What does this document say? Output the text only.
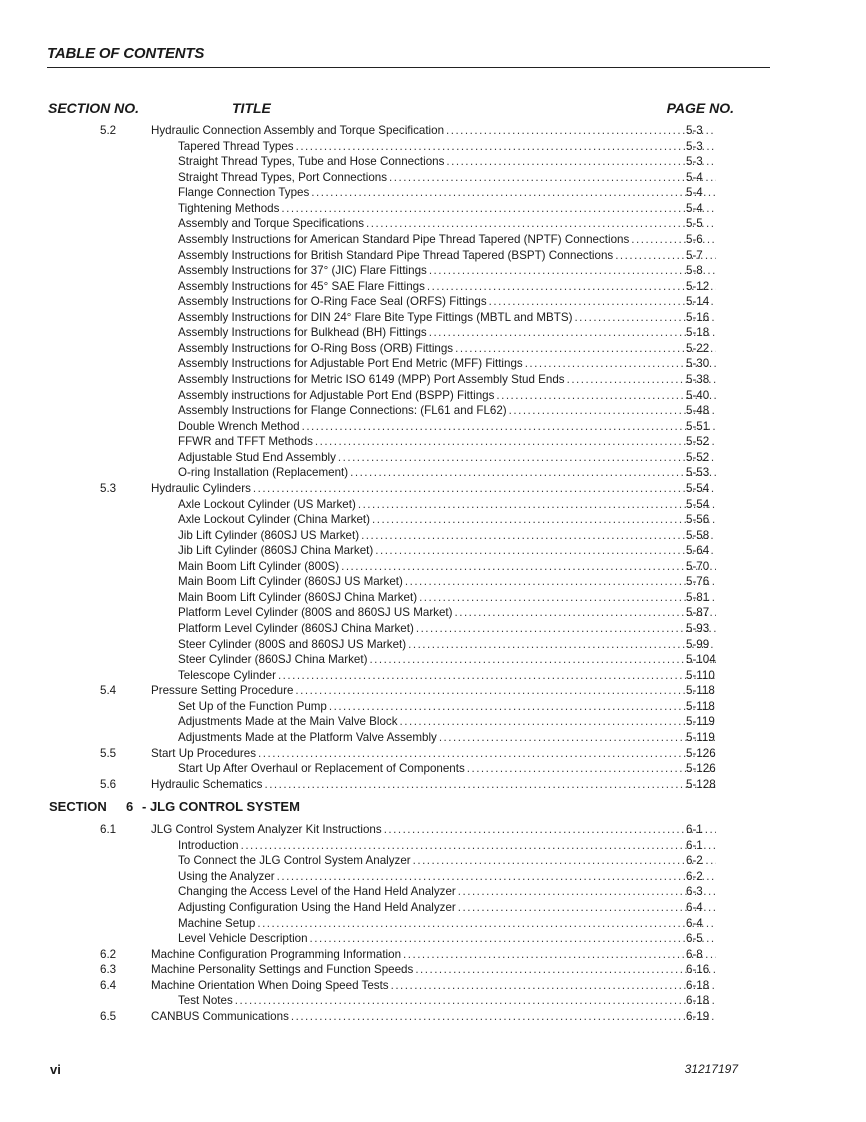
TABLE OF CONTENTS
SECTION NO.	TITLE	PAGE NO.
5.2	Hydraulic Connection Assembly and Torque Specification .....	5-3
Tapered Thread Types .....	5-3
Straight Thread Types, Tube and Hose Connections .....	5-3
Straight Thread Types, Port Connections .....	5-4
Flange Connection Types .....	5-4
Tightening Methods .....	5-4
Assembly and Torque Specifications .....	5-5
Assembly Instructions for American Standard Pipe Thread Tapered (NPTF) Connections .....	5-6
Assembly Instructions for British Standard Pipe Thread Tapered (BSPT) Connections .....	5-7
Assembly Instructions for 37° (JIC) Flare Fittings .....	5-8
Assembly Instructions for 45° SAE Flare Fittings .....	5-12
Assembly Instructions for O-Ring Face Seal (ORFS) Fittings .....	5-14
Assembly Instructions for DIN 24° Flare Bite Type Fittings (MBTL and MBTS) .....	5-16
Assembly Instructions for Bulkhead (BH) Fittings .....	5-18
Assembly Instructions for O-Ring Boss (ORB) Fittings .....	5-22
Assembly Instructions for Adjustable Port End Metric (MFF) Fittings .....	5-30
Assembly Instructions for Metric ISO 6149 (MPP) Port Assembly Stud Ends .....	5-38
Assembly instructions for Adjustable Port End (BSPP) Fittings .....	5-40
Assembly Instructions for Flange Connections: (FL61 and FL62) .....	5-48
Double Wrench Method .....	5-51
FFWR and TFFT Methods .....	5-52
Adjustable Stud End Assembly .....	5-52
O-ring Installation (Replacement) .....	5-53
5.3	Hydraulic Cylinders .....	5-54
Axle Lockout Cylinder (US Market) .....	5-54
Axle Lockout Cylinder (China Market) .....	5-56
Jib Lift Cylinder (860SJ US Market) .....	5-58
Jib Lift Cylinder (860SJ China Market) .....	5-64
Main Boom Lift Cylinder (800S) .....	5-70
Main Boom Lift Cylinder (860SJ US Market) .....	5-76
Main Boom Lift Cylinder (860SJ China Market) .....	5-81
Platform Level Cylinder (800S and 860SJ US Market) .....	5-87
Platform Level Cylinder (860SJ China Market) .....	5-93
Steer Cylinder (800S and 860SJ US Market) .....	5-99
Steer Cylinder (860SJ China Market) .....	5-104
Telescope Cylinder .....	5-110
5.4	Pressure Setting Procedure .....	5-118
Set Up of the Function Pump .....	5-118
Adjustments Made at the Main Valve Block .....	5-119
Adjustments Made at the Platform Valve Assembly .....	5-119
5.5	Start Up Procedures .....	5-126
Start Up After Overhaul or Replacement of Components .....	5-126
5.6	Hydraulic Schematics .....	5-128
SECTION 6 - JLG CONTROL SYSTEM
6.1	JLG Control System Analyzer Kit Instructions .....	6-1
Introduction .....	6-1
To Connect the JLG Control System Analyzer .....	6-2
Using the Analyzer .....	6-2
Changing the Access Level of the Hand Held Analyzer .....	6-3
Adjusting Configuration Using the Hand Held Analyzer .....	6-4
Machine Setup .....	6-4
Level Vehicle Description .....	6-5
6.2	Machine Configuration Programming Information .....	6-8
6.3	Machine Personality Settings and Function Speeds .....	6-16
6.4	Machine Orientation When Doing Speed Tests .....	6-18
Test Notes .....	6-18
6.5	CANBUS Communications .....	6-19
vi	31217197
